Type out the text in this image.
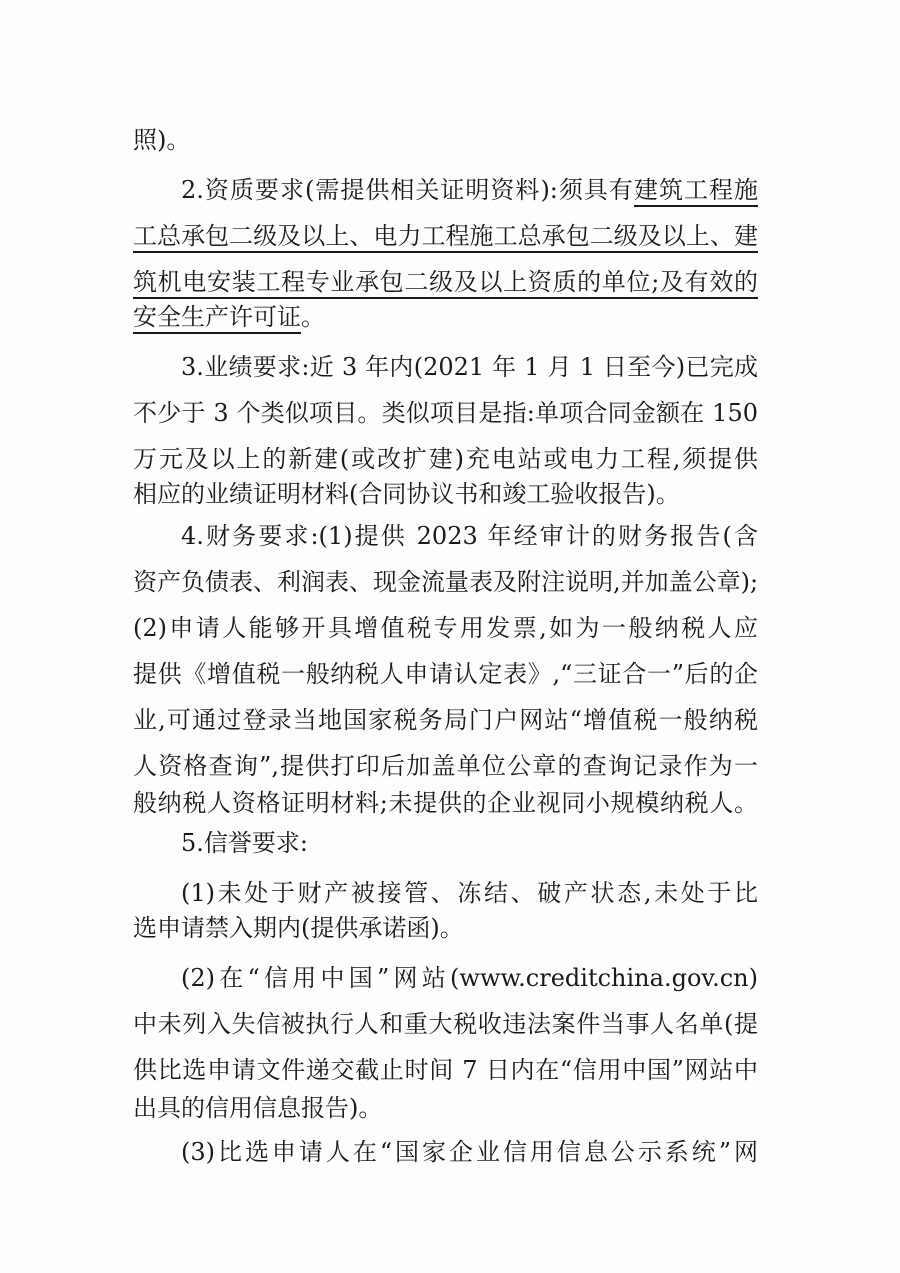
照)。
2.资质要求(需提供相关证明资料):须具有建筑工程施
工总承包二级及以上、电力工程施工总承包二级及以上、建
筑机电安装工程专业承包二级及以上资质的单位;及有效的
安全生产许可证。
3.业绩要求:近 3 年内(2021 年 1 月 1 日至今)已完成
不少于 3 个类似项目。类似项目是指:单项合同金额在 150
万元及以上的新建(或改扩建)充电站或电力工程,须提供
相应的业绩证明材料(合同协议书和竣工验收报告)。
4.财务要求:(1)提供 2023 年经审计的财务报告(含
资产负债表、利润表、现金流量表及附注说明,并加盖公章);
(2)申请人能够开具增值税专用发票,如为一般纳税人应
提供《增值税一般纳税人申请认定表》,“三证合一”后的企
业,可通过登录当地国家税务局门户网站“增值税一般纳税
人资格查询”,提供打印后加盖单位公章的查询记录作为一
般纳税人资格证明材料;未提供的企业视同小规模纳税人。
5.信誉要求:
(1)未处于财产被接管、冻结、破产状态,未处于比
选申请禁入期内(提供承诺函)。
(2)在“信用中国”网站(www.creditchina.gov.cn)
中未列入失信被执行人和重大税收违法案件当事人名单(提
供比选申请文件递交截止时间 7 日内在“信用中国”网站中
出具的信用信息报告)。
(3)比选申请人在“国家企业信用信息公示系统”网
